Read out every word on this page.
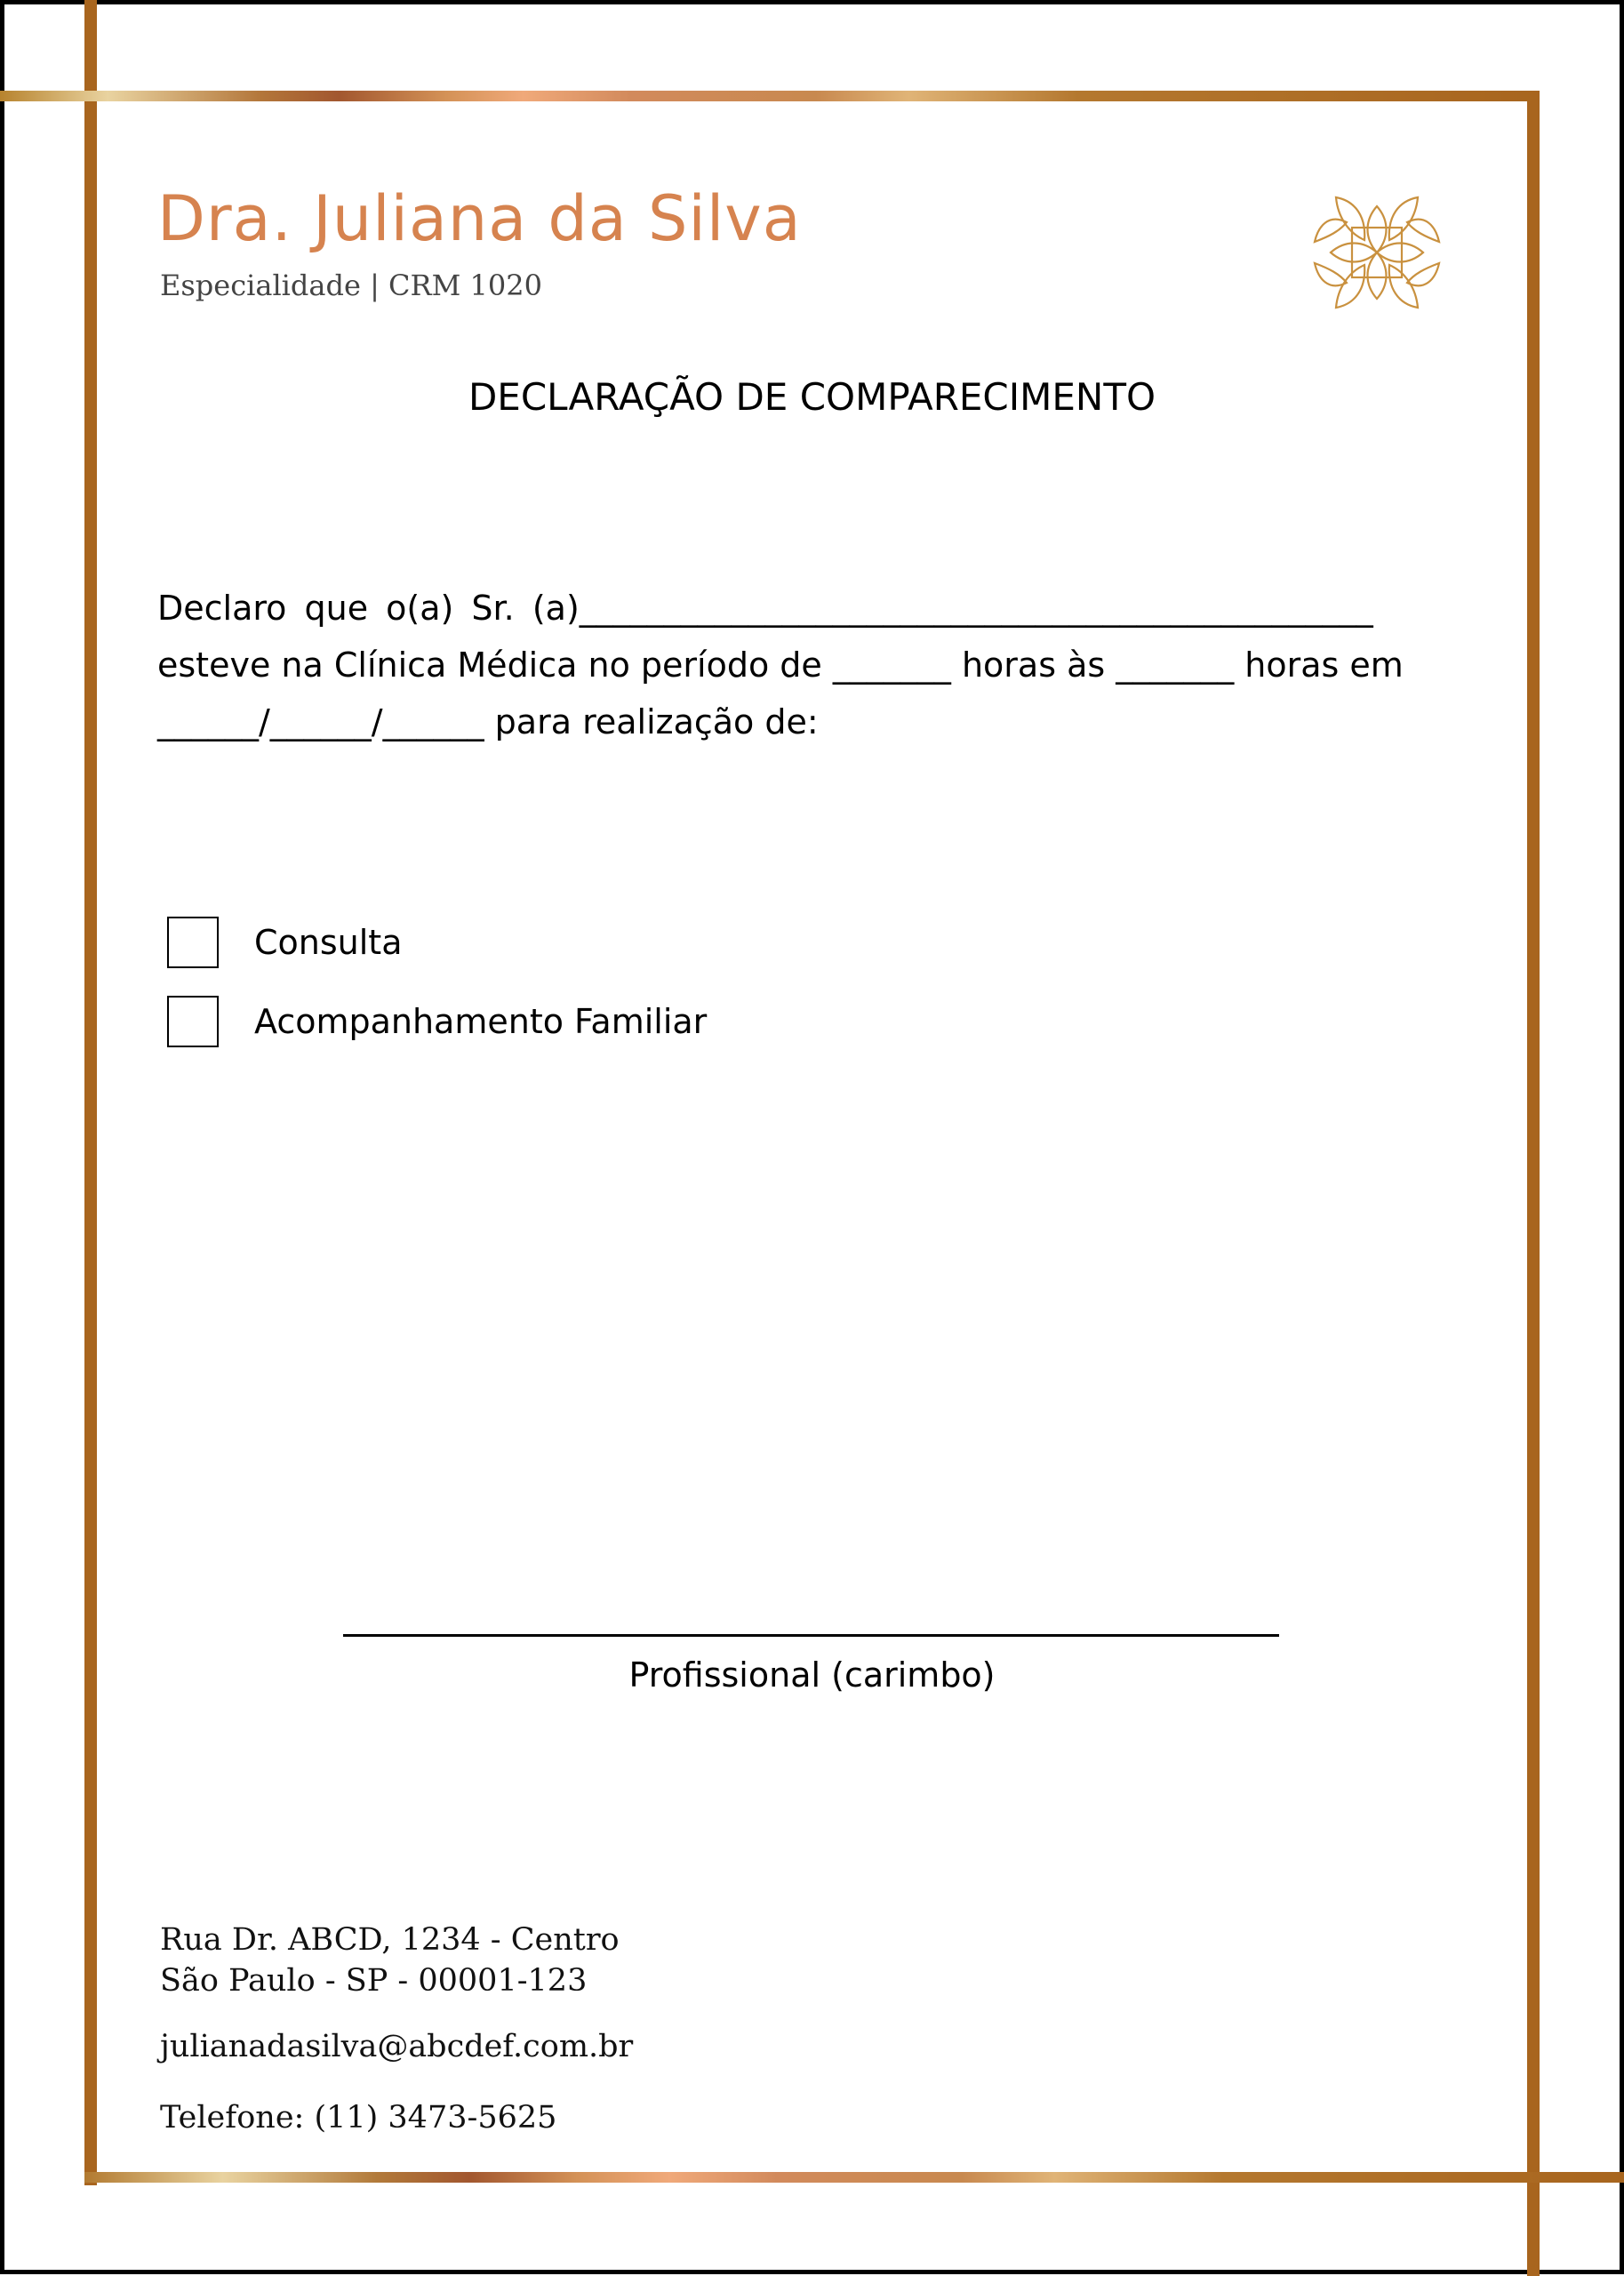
Dra. Juliana da Silva
Especialidade | CRM 1020
DECLARAÇÃO DE COMPARECIMENTO
Declaro que o(a) Sr. (a)_______________________________________________
esteve na Clínica Médica no período de _______ horas às _______ horas em
______/______/______ para realização de:
Consulta
Acompanhamento Familiar
Profissional (carimbo)
Rua Dr. ABCD, 1234 - Centro
São Paulo - SP - 00001-123
julianadasilva@abcdef.com.br
Telefone: (11) 3473-5625
